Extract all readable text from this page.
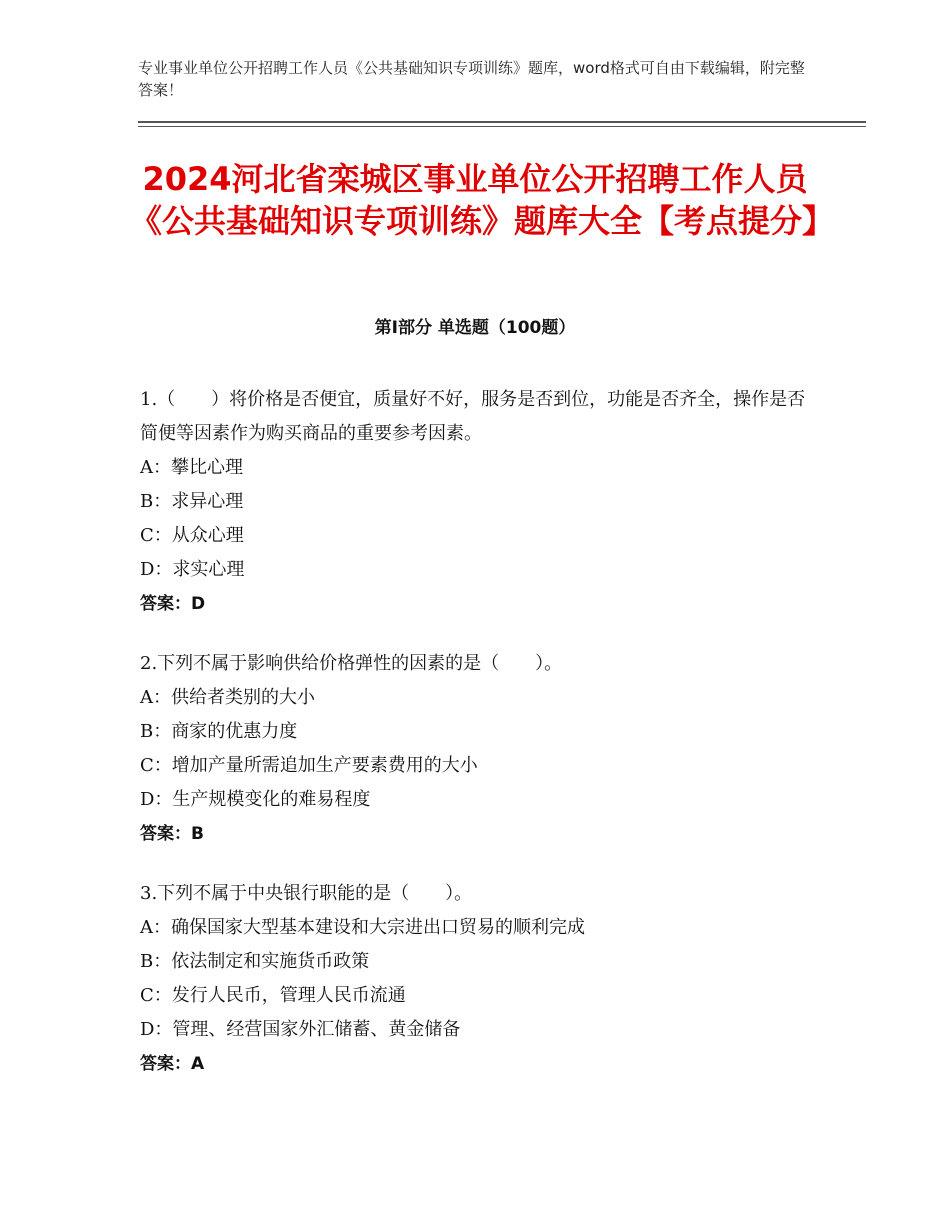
专业事业单位公开招聘工作人员《公共基础知识专项训练》题库，word格式可自由下载编辑，附完整答案！
2024河北省栾城区事业单位公开招聘工作人员《公共基础知识专项训练》题库大全【考点提分】
第Ⅰ部分 单选题（100题）

1.（　　）将价格是否便宜，质量好不好，服务是否到位，功能是否齐全，操作是否简便等因素作为购买商品的重要参考因素。

A：攀比心理

B：求异心理

C：从众心理

D：求实心理

答案：D

2.下列不属于影响供给价格弹性的因素的是（　　）。

A：供给者类别的大小

B：商家的优惠力度

C：增加产量所需追加生产要素费用的大小

D：生产规模变化的难易程度

答案：B

3.下列不属于中央银行职能的是（　　）。

A：确保国家大型基本建设和大宗进出口贸易的顺利完成

B：依法制定和实施货币政策

C：发行人民币，管理人民币流通

D：管理、经营国家外汇储蓄、黄金储备

答案：A
